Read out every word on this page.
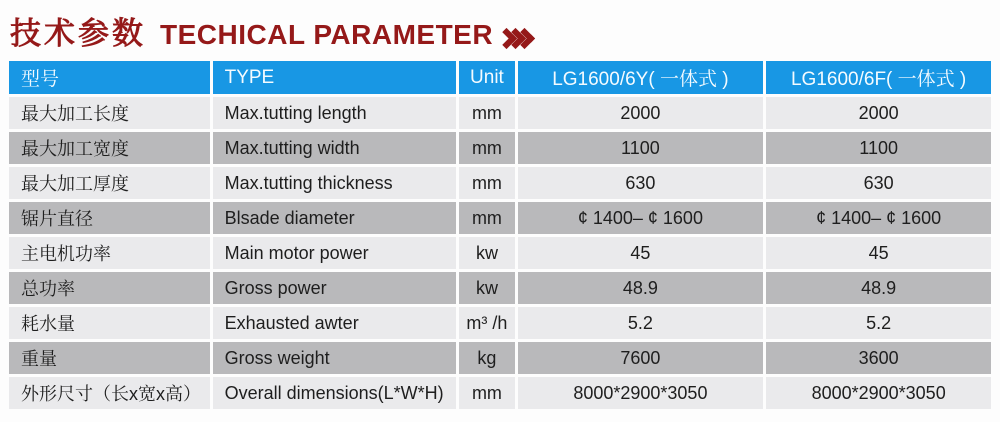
技术参数 TECHICAL PARAMETER
型号	TYPE	Unit	LG1600/6Y( 一体式 )	LG1600/6F( 一体式 )
最大加工长度	Max.tutting length	mm	2000	2000
最大加工宽度	Max.tutting width	mm	1100	1100
最大加工厚度	Max.tutting thickness	mm	630	630
锯片直径	Blsade diameter	mm	¢ 1400– ¢ 1600	¢ 1400– ¢ 1600
主电机功率	Main motor power	kw	45	45
总功率	Gross power	kw	48.9	48.9
耗水量	Exhausted awter	m³ /h	5.2	5.2
重量	Gross weight	kg	7600	3600
外形尺寸（长x宽x高）	Overall dimensions(L*W*H)	mm	8000*2900*3050	8000*2900*3050
